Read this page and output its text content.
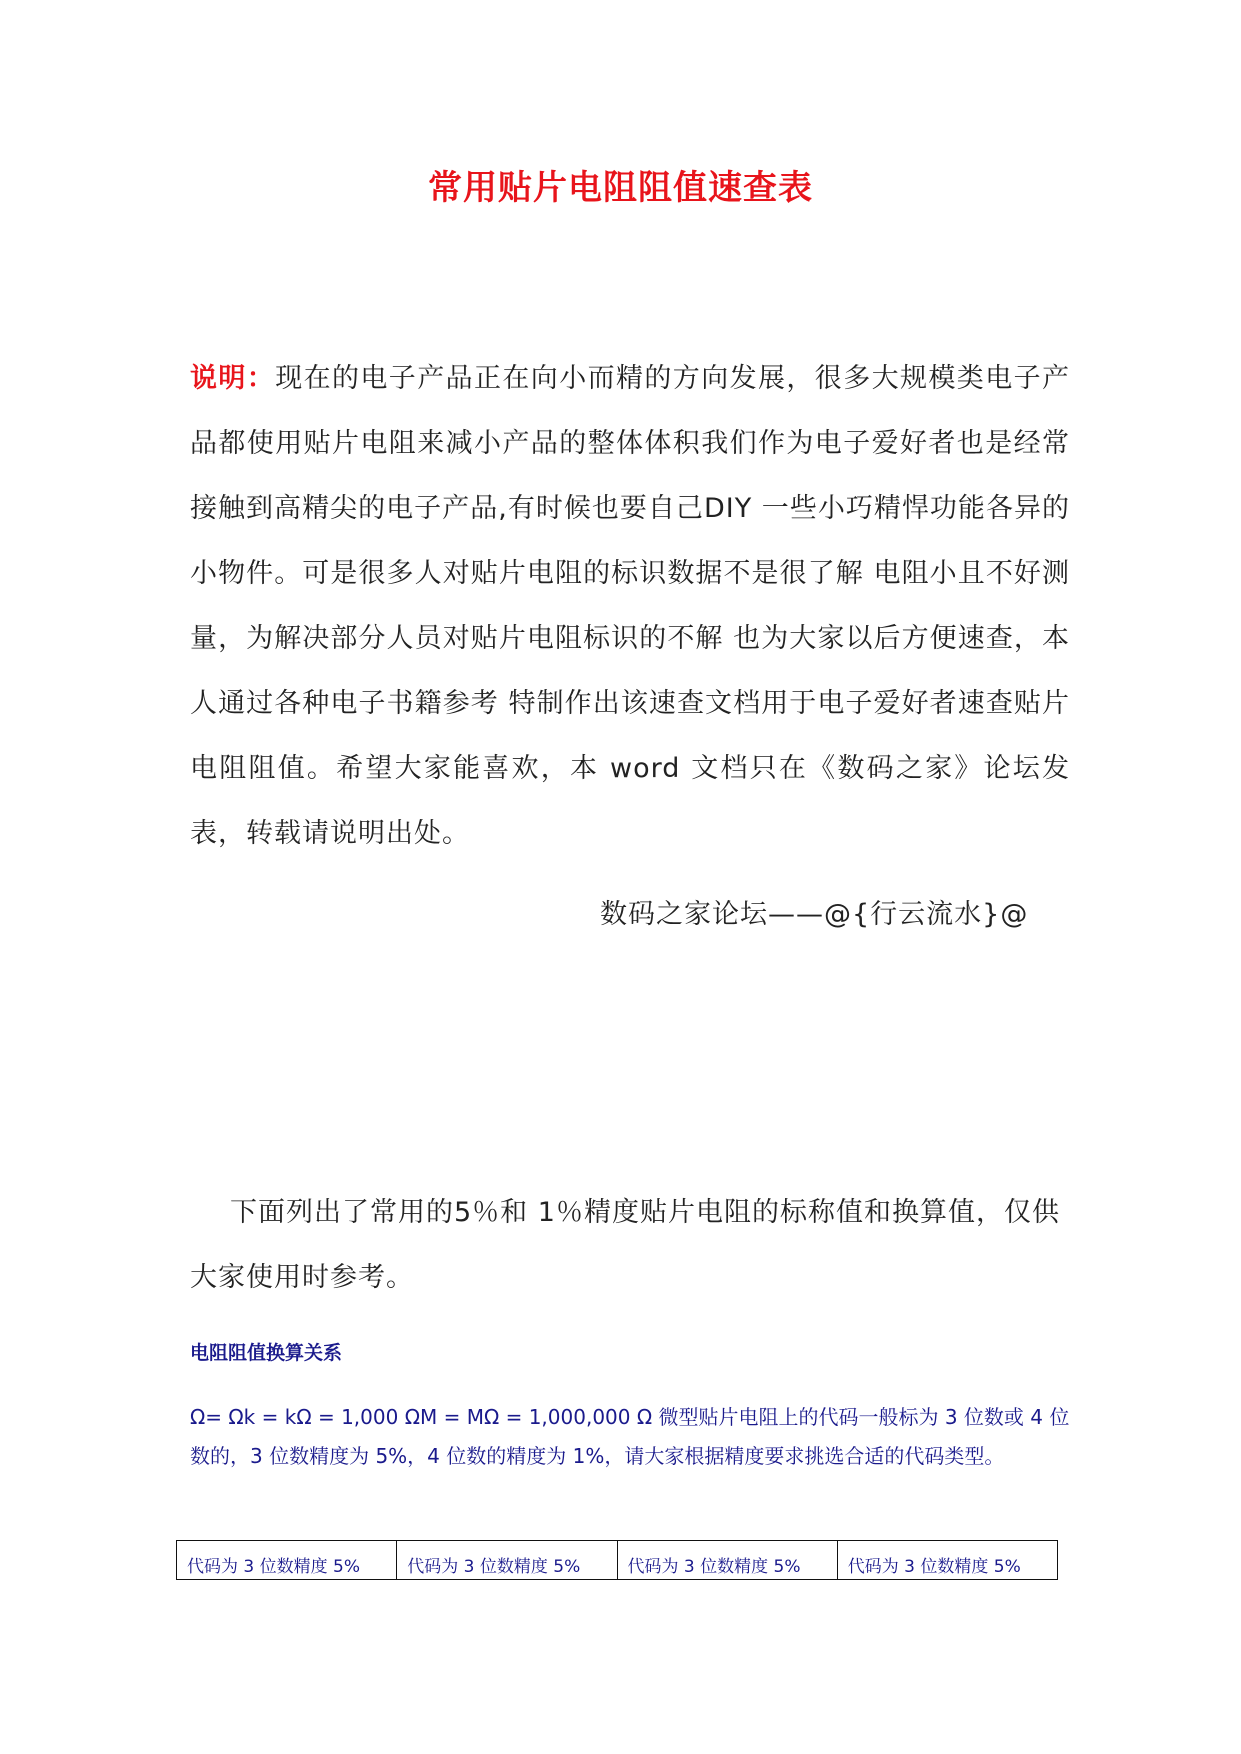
常用贴片电阻阻值速查表
说明：现在的电子产品正在向小而精的方向发展，很多大规模类电子产品都使用贴片电阻来减小产品的整体体积我们作为电子爱好者也是经常接触到高精尖的电子产品,有时候也要自己DIY 一些小巧精悍功能各异的小物件。可是很多人对贴片电阻的标识数据不是很了解 电阻小且不好测量，为解决部分人员对贴片电阻标识的不解 也为大家以后方便速查，本人通过各种电子书籍参考 特制作出该速查文档用于电子爱好者速查贴片电阻阻值。希望大家能喜欢，本 word 文档只在《数码之家》论坛发表，转载请说明出处。
数码之家论坛——@{行云流水}@
下面列出了常用的5％和 1％精度贴片电阻的标称值和换算值，仅供大家使用时参考。
电阻阻值换算关系
Ω= Ωk = kΩ = 1,000 ΩM = MΩ = 1,000,000 Ω 微型贴片电阻上的代码一般标为 3 位数或 4 位数的，3 位数精度为 5%，4 位数的精度为 1%，请大家根据精度要求挑选合适的代码类型。
代码为 3 位数精度 5%	代码为 3 位数精度 5%	代码为 3 位数精度 5%	代码为 3 位数精度 5%
